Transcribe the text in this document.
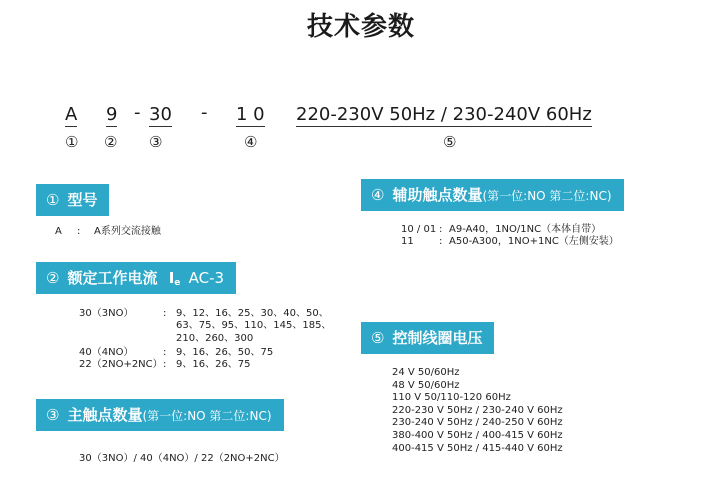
技术参数
A 9 - 30 - 1 0 220-230V 50Hz / 230-240V 60Hz
① ② ③	④	⑤
① 型号
A : A系列交流接触
② 额定工作电流 Ie AC-3
30（3NO）	: 9、12、16、25、30、40、50、
63、75、95、110、145、185、
210、260、300
40（4NO）	: 9、16、26、50、75
22（2NO+2NC） : 9、16、26、75
③ 主触点数量(第一位:NO 第二位:NC)
30（3NO）/ 40（4NO）/ 22（2NO+2NC）
④ 辅助触点数量(第一位:NO 第二位:NC)
10 / 01 : A9-A40，1NO/1NC（本体自带）
11	: A50-A300，1NO+1NC（左侧安装）
⑤ 控制线圈电压
24 V 50/60Hz
48 V 50/60Hz
110 V 50/110-120 60Hz
220-230 V 50Hz / 230-240 V 60Hz
230-240 V 50Hz / 240-250 V 60Hz
380-400 V 50Hz / 400-415 V 60Hz
400-415 V 50Hz / 415-440 V 60Hz
